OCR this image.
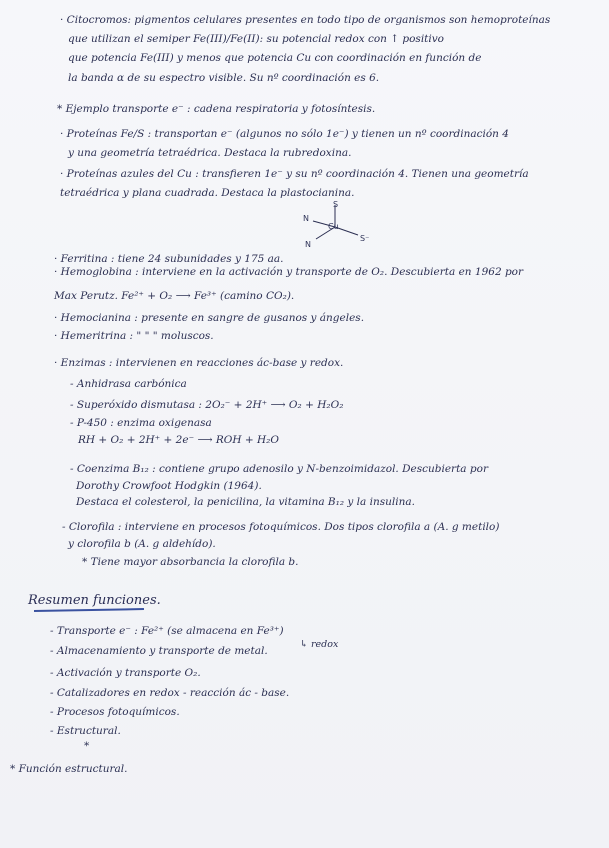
· Citocromos: pigmentos celulares presentes en todo tipo de organismos son hemoproteínas
que utilizan el semiper Fe(III)/Fe(II): su potencial redox con ↑ positivo
que potencia Fe(III) y menos que potencia Cu con coordinación en función de
la banda α de su espectro visible. Su nº coordinación es 6.
* Ejemplo transporte e⁻ : cadena respiratoria y fotosíntesis.
· Proteínas Fe/S : transportan e⁻ (algunos no sólo 1e⁻) y tienen un nº coordinación 4
y una geometría tetraédrica. Destaca la rubredoxina.
· Proteínas azules del Cu : transfieren 1e⁻ y su nº coordinación 4. Tienen una geometría
tetraédrica y plana cuadrada. Destaca la plastocianina.
· Ferritina : tiene 24 subunidades y 175 aa.
· Hemoglobina : interviene en la activación y transporte de O₂. Descubierta en 1962 por
Max Perutz. Fe²⁺ + O₂ ⟶ Fe³⁺ (camino CO₂).
· Hemocianina : presente en sangre de gusanos y ángeles.
· Hemeritrina : " " " moluscos.
· Enzimas : intervienen en reacciones ác-base y redox.
- Anhidrasa carbónica
- Superóxido dismutasa : 2O₂⁻ + 2H⁺ ⟶ O₂ + H₂O₂
- P-450 : enzima oxigenasa
RH + O₂ + 2H⁺ + 2e⁻ ⟶ ROH + H₂O
- Coenzima B₁₂ : contiene grupo adenosilo y N-benzoimidazol. Descubierta por
Dorothy Crowfoot Hodgkin (1964).
Destaca el colesterol, la penicilina, la vitamina B₁₂ y la insulina.
- Clorofila : interviene en procesos fotoquímicos. Dos tipos clorofila a (A. g metilo)
y clorofila b (A. g aldehído).
* Tiene mayor absorbancia la clorofila b.
- Transporte e⁻ : Fe²⁺ (se almacena en Fe³⁺)
- Almacenamiento y transporte de metal.
- Activación y transporte O₂.
- Catalizadores en redox - reacción ác - base.
- Procesos fotoquímicos.
- Estructural.
* Función estructural.
Cu
N
N
S
S⁻
Resumen funciones.
↳ redox
*
